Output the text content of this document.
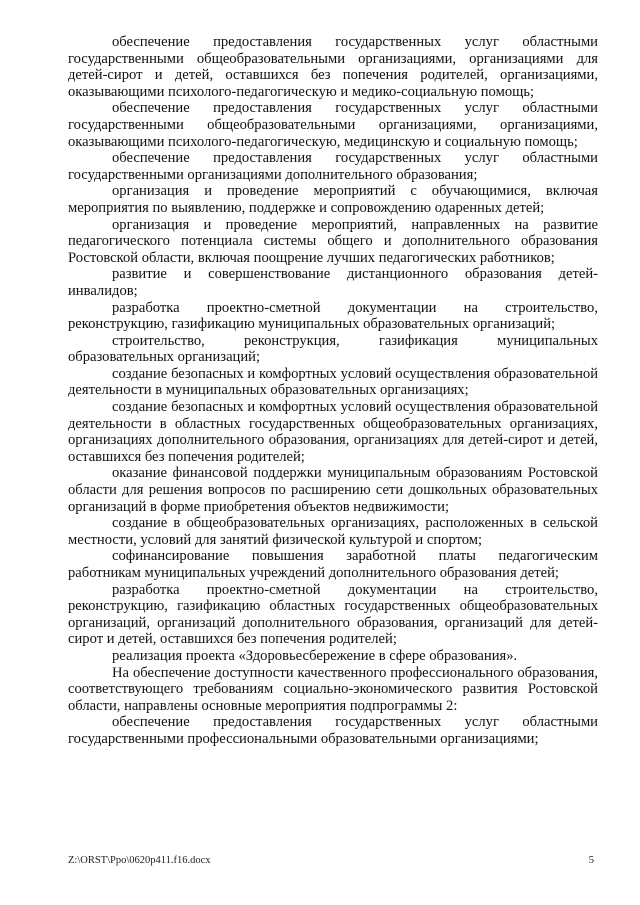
обеспечение предоставления государственных услуг областными государственными общеобразовательными организациями, организациями для детей-сирот и детей, оставшихся без попечения родителей, организациями, оказывающими психолого-педагогическую и медико-социальную помощь;

обеспечение предоставления государственных услуг областными государственными общеобразовательными организациями, организациями, оказывающими психолого-педагогическую, медицинскую и социальную помощь;

обеспечение предоставления государственных услуг областными государственными организациями дополнительного образования;

организация и проведение мероприятий с обучающимися, включая мероприятия по выявлению, поддержке и сопровождению одаренных детей;

организация и проведение мероприятий, направленных на развитие педагогического потенциала системы общего и дополнительного образования Ростовской области, включая поощрение лучших педагогических работников;

развитие и совершенствование дистанционного образования детей-инвалидов;

разработка проектно-сметной документации на строительство, реконструкцию, газификацию муниципальных образовательных организаций;

строительство, реконструкция, газификация муниципальных образовательных организаций;

создание безопасных и комфортных условий осуществления образовательной деятельности в муниципальных образовательных организациях;

создание безопасных и комфортных условий осуществления образовательной деятельности в областных государственных общеобразовательных организациях, организациях дополнительного образования, организациях для детей-сирот и детей, оставшихся без попечения родителей;

оказание финансовой поддержки муниципальным образованиям Ростовской области для решения вопросов по расширению сети дошкольных образовательных организаций в форме приобретения объектов недвижимости;

создание в общеобразовательных организациях, расположенных в сельской местности, условий для занятий физической культурой и спортом;

софинансирование повышения заработной платы педагогическим работникам муниципальных учреждений дополнительного образования детей;

разработка проектно-сметной документации на строительство, реконструкцию, газификацию областных государственных общеобразовательных организаций, организаций дополнительного образования, организаций для детей-сирот и детей, оставшихся без попечения родителей;

реализация проекта «Здоровьесбережение в сфере образования».

На обеспечение доступности качественного профессионального образования, соответствующего требованиям социально-экономического развития Ростовской области, направлены основные мероприятия подпрограммы 2:

обеспечение предоставления государственных услуг областными государственными профессиональными образовательными организациями;

Z:\ORST\Ppo\0620p411.f16.docx	5
